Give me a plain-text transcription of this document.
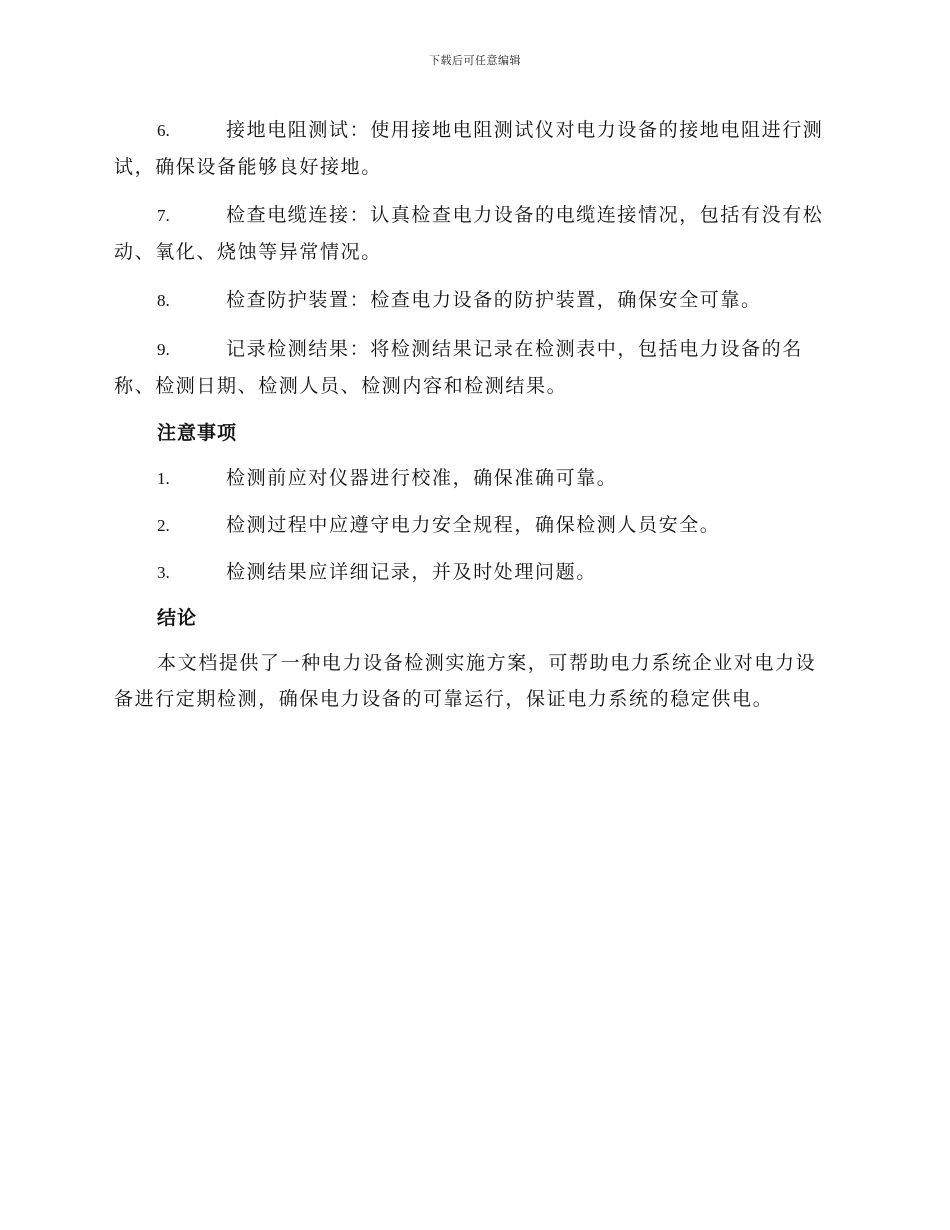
下载后可任意编辑
6.	接地电阻测试：使用接地电阻测试仪对电力设备的接地电阻进行测试，确保设备能够良好接地。
7.	检查电缆连接：认真检查电力设备的电缆连接情况，包括有没有松动、氧化、烧蚀等异常情况。
8.	检查防护装置：检查电力设备的防护装置，确保安全可靠。
9.	记录检测结果：将检测结果记录在检测表中，包括电力设备的名称、检测日期、检测人员、检测内容和检测结果。
注意事项
1.	检测前应对仪器进行校准，确保准确可靠。
2.	检测过程中应遵守电力安全规程，确保检测人员安全。
3.	检测结果应详细记录，并及时处理问题。
结论
本文档提供了一种电力设备检测实施方案，可帮助电力系统企业对电力设备进行定期检测，确保电力设备的可靠运行，保证电力系统的稳定供电。
